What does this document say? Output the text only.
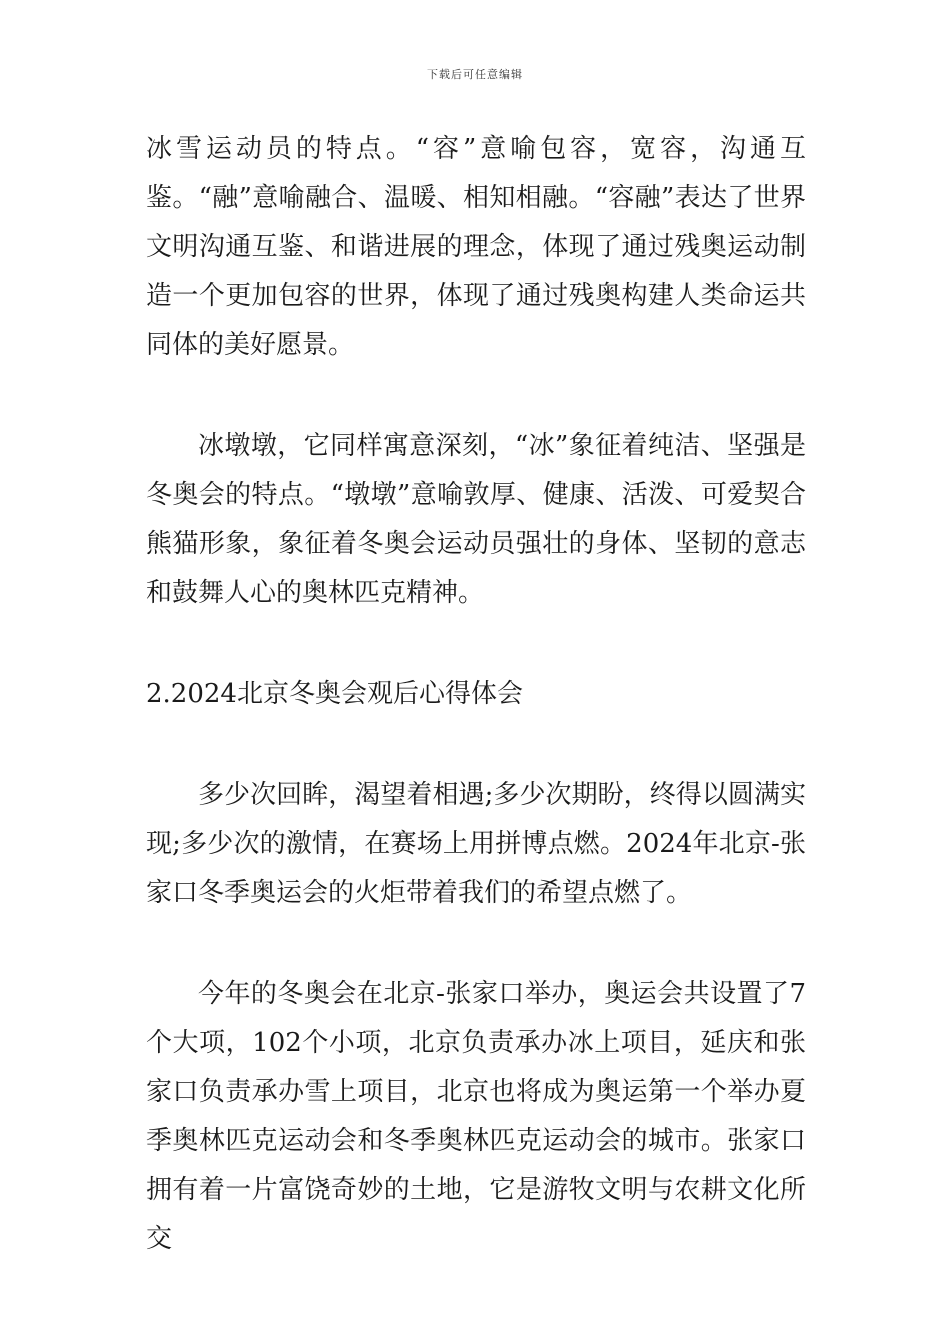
下载后可任意编辑

冰雪运动员的特点。“容”意喻包容，宽容，沟通互鉴。“融”意喻融合、温暖、相知相融。“容融”表达了世界文明沟通互鉴、和谐进展的理念，体现了通过残奥运动制造一个更加包容的世界，体现了通过残奥构建人类命运共同体的美好愿景。

冰墩墩，它同样寓意深刻，“冰”象征着纯洁、坚强是冬奥会的特点。“墩墩”意喻敦厚、健康、活泼、可爱契合熊猫形象，象征着冬奥会运动员强壮的身体、坚韧的意志和鼓舞人心的奥林匹克精神。

2.2024北京冬奥会观后心得体会

多少次回眸，渴望着相遇;多少次期盼，终得以圆满实现;多少次的激情，在赛场上用拼博点燃。2024年北京-张家口冬季奥运会的火炬带着我们的希望点燃了。

今年的冬奥会在北京-张家口举办，奥运会共设置了7个大项，102个小项，北京负责承办冰上项目，延庆和张家口负责承办雪上项目，北京也将成为奥运第一个举办夏季奥林匹克运动会和冬季奥林匹克运动会的城市。张家口拥有着一片富饶奇妙的土地，它是游牧文明与农耕文化所交
